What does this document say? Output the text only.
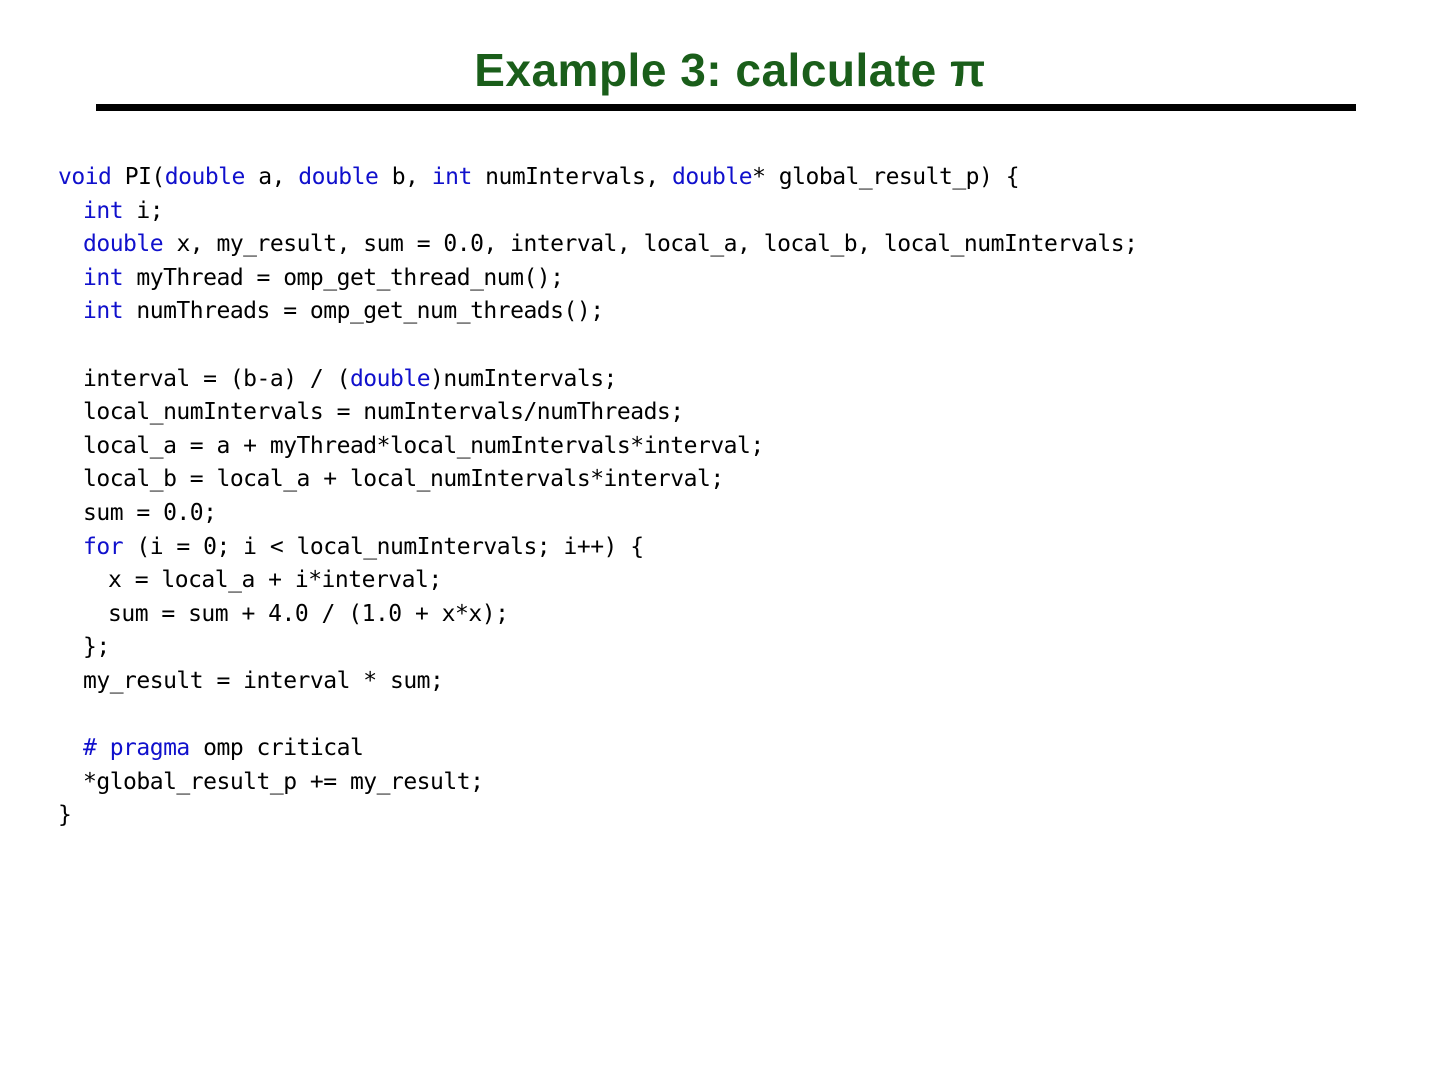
Example 3: calculate π
void PI(double a, double b, int numIntervals, double* global_result_p) {
int i;
double x, my_result, sum = 0.0, interval, local_a, local_b, local_numIntervals;
int myThread = omp_get_thread_num();
int numThreads = omp_get_num_threads();
interval = (b-a) / (double)numIntervals;
local_numIntervals = numIntervals/numThreads;
local_a = a + myThread*local_numIntervals*interval;
local_b = local_a + local_numIntervals*interval;
sum = 0.0;
for (i = 0; i < local_numIntervals; i++) {
x = local_a + i*interval;
sum = sum + 4.0 / (1.0 + x*x);
};
my_result = interval * sum;
# pragma omp critical
*global_result_p += my_result;
}
